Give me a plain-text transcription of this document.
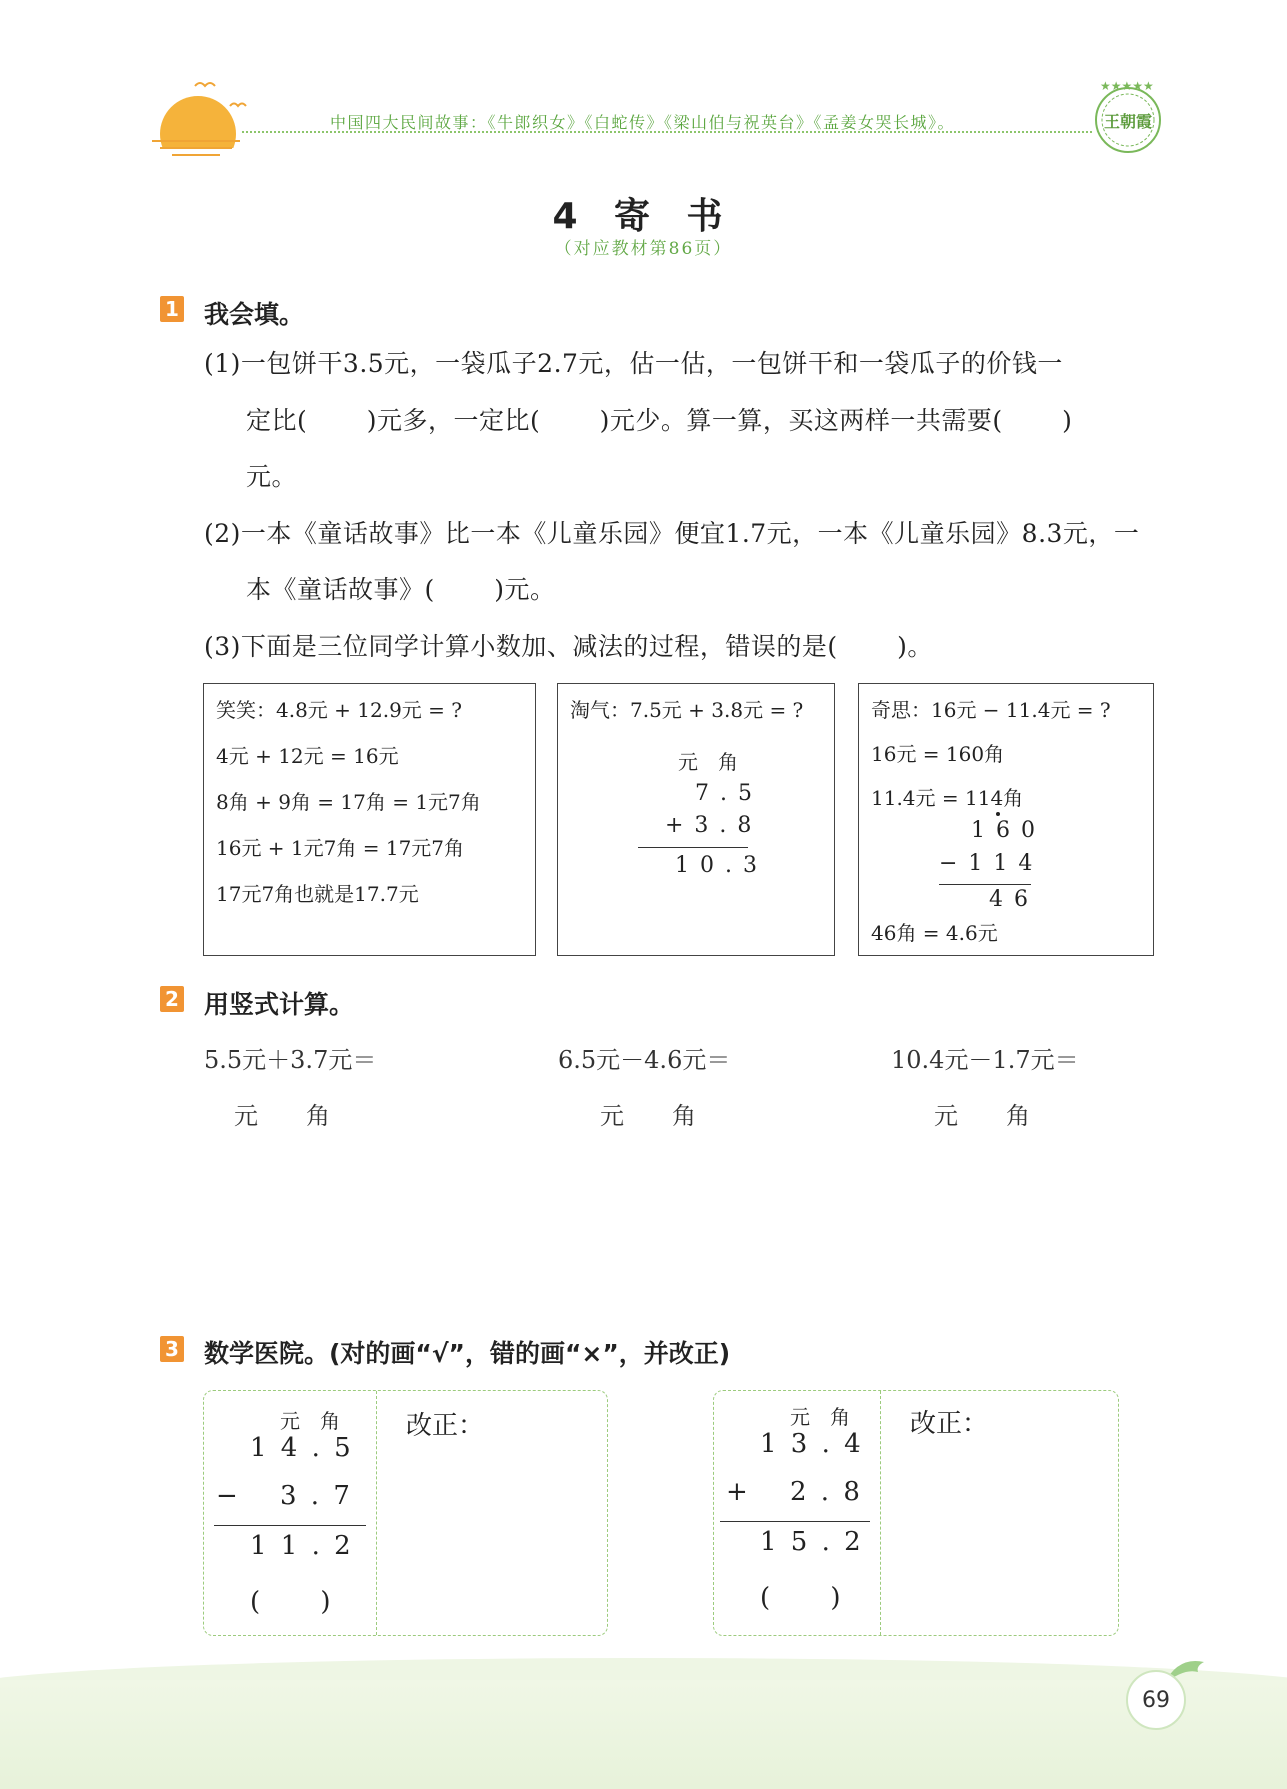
中国四大民间故事：《牛郎织女》《白蛇传》《梁山伯与祝英台》《孟姜女哭长城》。
★★★★★
王朝霞
4 寄 书
（对应教材第86页）
1 我会填。
(1)一包饼干3.5元，一袋瓜子2.7元，估一估，一包饼干和一袋瓜子的价钱一
定比(　　 )元多，一定比(　　 )元少。算一算，买这两样一共需要(　　 )
元。
(2)一本《童话故事》比一本《儿童乐园》便宜1.7元，一本《儿童乐园》8.3元，一
本《童话故事》(　　 )元。
(3)下面是三位同学计算小数加、减法的过程，错误的是(　　 )。
笑笑：4.8元 + 12.9元 = ?
4元 + 12元 = 16元
8角 + 9角 = 17角 = 1元7角
16元 + 1元7角 = 17元7角
17元7角也就是17.7元
淘气：7.5元 + 3.8元 = ?
元　角
7 . 5
+ 3 . 8
1 0 . 3
奇思：16元 − 11.4元 = ?
16元 = 160角
11.4元 = 114角
1 6 0
− 1 1 4
4 6
46角 = 4.6元
2 用竖式计算。
5.5元＋3.7元＝
元　　角
6.5元－4.6元＝
元　　角
10.4元－1.7元＝
元　　角
3 数学医院。(对的画“√”，错的画“×”，并改正)
元　角
1 4 . 5
− 3 . 7
1 1 . 2
(　　 )
改正：	元　角
1 3 . 4
+ 2 . 8
1 5 . 2
(　　 )
改正：
69
